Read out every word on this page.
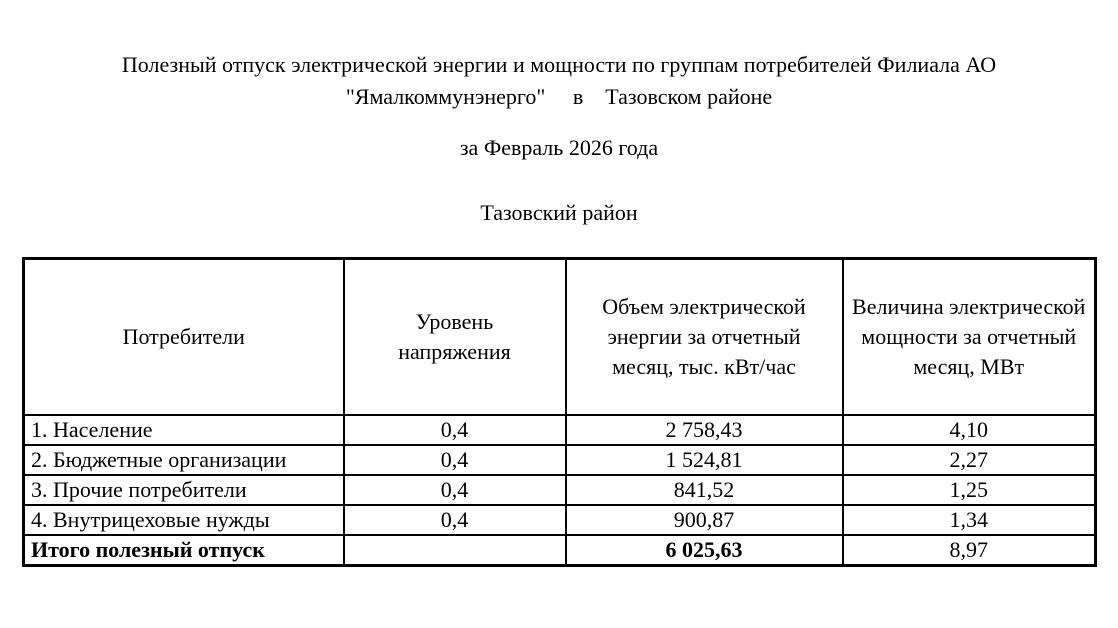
Полезный отпуск электрической энергии и мощности по группам потребителей Филиала АО
"Ямалкоммунэнерго"     в    Тазовском районе
за Февраль 2026 года
Тазовский район
Потребители	Уровень напряжения	Объем электрической энергии за отчетный месяц, тыс. кВт/час	Величина электрической мощности за отчетный месяц, МВт
1. Население	0,4	2 758,43	4,10
2. Бюджетные организации	0,4	1 524,81	2,27
3. Прочие потребители	0,4	841,52	1,25
4. Внутрицеховые нужды	0,4	900,87	1,34
Итого полезный отпуск		6 025,63	8,97
